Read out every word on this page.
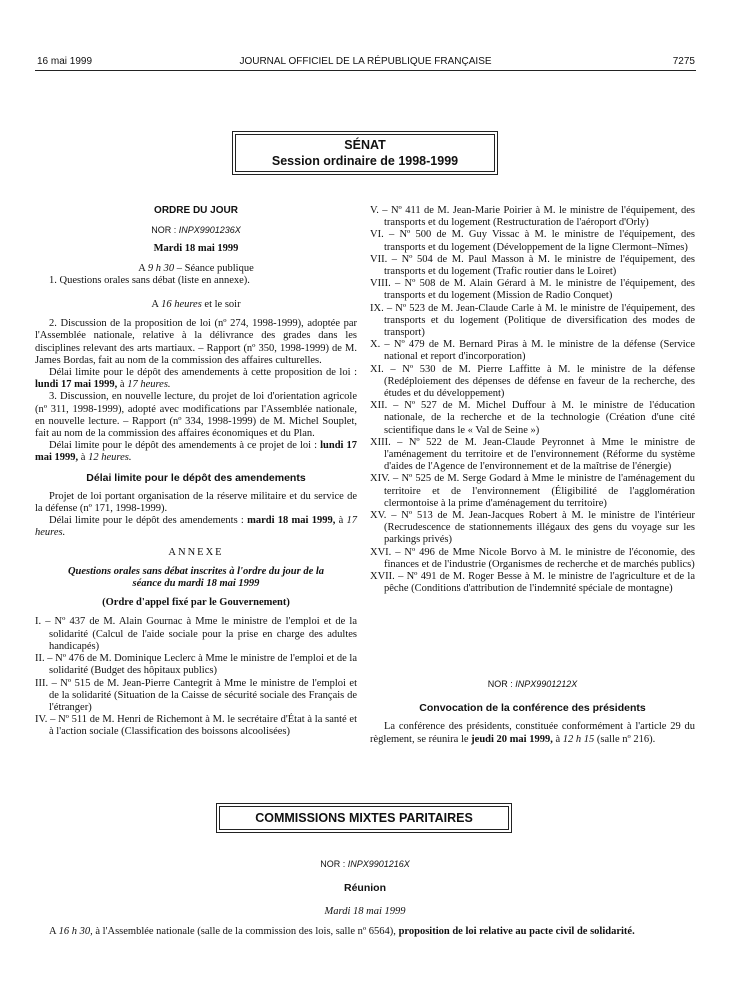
16 mai 1999	JOURNAL OFFICIEL DE LA RÉPUBLIQUE FRANÇAISE	7275
SÉNAT
Session ordinaire de 1998-1999

ORDRE DU JOUR

NOR : INPX9901236X

Mardi 18 mai 1999

A 9 h 30 – Séance publique

1. Questions orales sans débat (liste en annexe).

A 16 heures et le soir

2. Discussion de la proposition de loi (nº 274, 1998-1999), adoptée par l'Assemblée nationale, relative à la délivrance des grades dans les disciplines relevant des arts martiaux. – Rapport (nº 350, 1998-1999) de M. James Bordas, fait au nom de la commission des affaires culturelles.

Délai limite pour le dépôt des amendements à cette proposition de loi : lundi 17 mai 1999, à 17 heures.

3. Discussion, en nouvelle lecture, du projet de loi d'orientation agricole (nº 311, 1998-1999), adopté avec modifications par l'Assemblée nationale, en nouvelle lecture. – Rapport (nº 334, 1998-1999) de M. Michel Souplet, fait au nom de la commission des affaires économiques et du Plan.

Délai limite pour le dépôt des amendements à ce projet de loi : lundi 17 mai 1999, à 12 heures.

Délai limite pour le dépôt des amendements

Projet de loi portant organisation de la réserve militaire et du service de la défense (nº 171, 1998-1999).

Délai limite pour le dépôt des amendements : mardi 18 mai 1999, à 17 heures.

ANNEXE

Questions orales sans débat inscrites à l'ordre du jour de la séance du mardi 18 mai 1999

(Ordre d'appel fixé par le Gouvernement)

I. – Nº 437 de M. Alain Gournac à Mme le ministre de l'emploi et de la solidarité (Calcul de l'aide sociale pour la prise en charge des adultes handicapés)

II. – Nº 476 de M. Dominique Leclerc à Mme le ministre de l'emploi et de la solidarité (Budget des hôpitaux publics)

III. – Nº 515 de M. Jean-Pierre Cantegrit à Mme le ministre de l'emploi et de la solidarité (Situation de la Caisse de sécurité sociale des Français de l'étranger)

IV. – Nº 511 de M. Henri de Richemont à M. le secrétaire d'État à la santé et à l'action sociale (Classification des boissons alcoolisées)

V. – Nº 411 de M. Jean-Marie Poirier à M. le ministre de l'équipement, des transports et du logement (Restructuration de l'aéroport d'Orly)

VI. – Nº 500 de M. Guy Vissac à M. le ministre de l'équipement, des transports et du logement (Développement de la ligne Clermont–Nîmes)

VII. – Nº 504 de M. Paul Masson à M. le ministre de l'équipement, des transports et du logement (Trafic routier dans le Loiret)

VIII. – Nº 508 de M. Alain Gérard à M. le ministre de l'équipement, des transports et du logement (Mission de Radio Conquet)

IX. – Nº 523 de M. Jean-Claude Carle à M. le ministre de l'équipement, des transports et du logement (Politique de diversification des modes de transport)

X. – Nº 479 de M. Bernard Piras à M. le ministre de la défense (Service national et report d'incorporation)

XI. – Nº 530 de M. Pierre Laffitte à M. le ministre de la défense (Redéploiement des dépenses de défense en faveur de la recherche, des études et du développement)

XII. – Nº 527 de M. Michel Duffour à M. le ministre de l'éducation nationale, de la recherche et de la technologie (Création d'une cité scientifique dans le « Val de Seine »)

XIII. – Nº 522 de M. Jean-Claude Peyronnet à Mme le ministre de l'aménagement du territoire et de l'environnement (Réforme du système d'aides de l'Agence de l'environnement et de la maîtrise de l'énergie)

XIV. – Nº 525 de M. Serge Godard à Mme le ministre de l'aménagement du territoire et de l'environnement (Éligibilité de l'agglomération clermontoise à la prime d'aménagement du territoire)

XV. – Nº 513 de M. Jean-Jacques Robert à M. le ministre de l'intérieur (Recrudescence de stationnements illégaux des gens du voyage sur les parkings privés)

XVI. – Nº 496 de Mme Nicole Borvo à M. le ministre de l'économie, des finances et de l'industrie (Organismes de recherche et de marchés publics)

XVII. – Nº 491 de M. Roger Besse à M. le ministre de l'agriculture et de la pêche (Conditions d'attribution de l'indemnité spéciale de montagne)

NOR : INPX9901212X

Convocation de la conférence des présidents

La conférence des présidents, constituée conformément à l'article 29 du règlement, se réunira le jeudi 20 mai 1999, à 12 h 15 (salle nº 216).

COMMISSIONS MIXTES PARITAIRES

NOR : INPX9901216X

Réunion

Mardi 18 mai 1999

A 16 h 30, à l'Assemblée nationale (salle de la commission des lois, salle nº 6564), proposition de loi relative au pacte civil de solidarité.
